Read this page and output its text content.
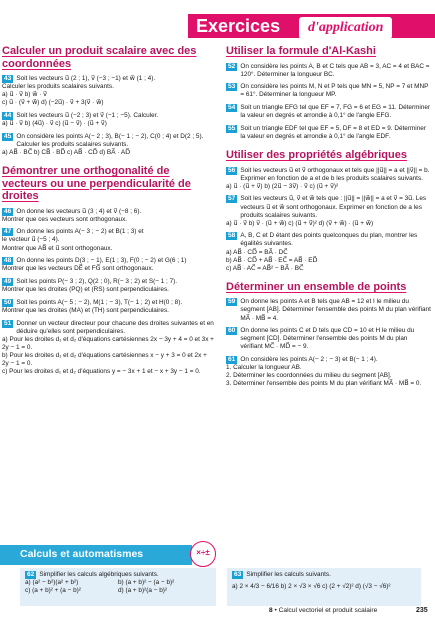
Exercices	d'application
Calculer un produit scalaire avec des coordonnées
43 Soit les vecteurs u⃗ (2 ; 1), v⃗ (−3 ; −1) et w⃗ (1 ; 4).
Calculer les produits scalaires suivants.
a) u⃗ · v⃗ b) w⃗ · v⃗
c) u⃗ · (v⃗ + w⃗) d) (−2u⃗) · v⃗ + 3(v⃗ · w⃗)
44 Soit les vecteurs u⃗ (−2 ; 3) et v⃗ (−1 ; −5). Calculer.
a) u⃗ · v⃗ b) (4u⃗) · v⃗ c) (u⃗ − v⃗) · (u⃗ + v⃗)
45 On considère les points A(− 2 ; 3), B(− 1 ; − 2), C(0 ; 4) et D(2 ; 5). Calculer les produits scalaires suivants.
a) AB⃗ · BC⃗ b) CB⃗ · BD⃗ c) AB⃗ · CD⃗ d) BA⃗ · AD⃗
Démontrer une orthogonalité de vecteurs ou une perpendicularité de droites
46 On donne les vecteurs u⃗ (3 ; 4) et v⃗ (−8 ; 6).
Montrer que ces vecteurs sont orthogonaux.
47 On donne les points A(− 3 ; − 2) et B(1 ; 3) et
le vecteur u⃗ (−5 ; 4).
Montrer que AB⃗ et u⃗ sont orthogonaux.
48 On donne les points D(3 ; − 1), E(1 ; 3), F(0 ; − 2) et G(6 ; 1)
Montrer que les vecteurs DE⃗ et FG⃗ sont orthogonaux.
49 Soit les points P(− 3 ; 2), Q(2 ; 0), R(− 3 ; 2) et S(− 1 ; 7).
Montrer que les droites (PQ) et (RS) sont perpendiculaires.
50 Soit les points A(− 5 ; − 2), M(1 ; − 3), T(− 1 ; 2) et H(0 ; 8).
Montrer que les droites (MA) et (TH) sont perpendiculaires.
51 Donner un vecteur directeur pour chacune des droites suivantes et en déduire qu'elles sont perpendiculaires.
a) Pour les droites d₁ et d₂ d'équations cartésiennes 2x − 3y + 4 = 0 et 3x + 2y − 1 = 0.
b) Pour les droites d₁ et d₂ d'équations cartésiennes x − y + 3 = 0 et 2x + 2y − 1 = 0.
c) Pour les droites d₁ et d₂ d'équations y = − 3x + 1 et − x + 3y − 1 = 0.
Utiliser la formule d'Al-Kashi
52 On considère les points A, B et C tels que AB = 3, AC = 4 et BAC = 120°. Déterminer la longueur BC.
53 On considère les points M, N et P tels que MN = 5, NP = 7 et MNP = 61°. Déterminer la longueur MP.
54 Soit un triangle EFG tel que EF = 7, FG = 6 et EG = 11. Déterminer la valeur en degrés et arrondie à 0,1° de l'angle EFG.
55 Soit un triangle EDF tel que EF = 5, DF = 8 et ED = 9. Déterminer la valeur en degrés et arrondie à 0,1° de l'angle EDF.
Utiliser des propriétés algébriques
56 Soit les vecteurs u⃗ et v⃗ orthogonaux et tels que ||u⃗|| = a et ||v⃗|| = b. Exprimer en fonction de a et de b les produits scalaires suivants.
a) u⃗ · (u⃗ + v⃗) b) (2u⃗ − 3v⃗) · v⃗ c) (u⃗ + v⃗)²
57 Soit les vecteurs u⃗, v⃗ et w⃗ tels que : ||u⃗|| = ||w⃗|| = a et v⃗ = 3u⃗. Les vecteurs u⃗ et w⃗ sont orthogonaux. Exprimer en fonction de a les produits scalaires suivants.
a) u⃗ · v⃗ b) v⃗ · (u⃗ + w⃗) c) (u⃗ + v⃗)² d) (v⃗ + w⃗) · (u⃗ + w⃗)
58 A, B, C et D étant des points quelconques du plan, montrer les égalités suivantes.
a) AB⃗ · CD⃗ = BA⃗ · DC⃗
b) AB⃗ · CD⃗ + AB⃗ · EC⃗ = AB⃗ · ED⃗
c) AB⃗ · AC⃗ = AB⃗² − BA⃗ · BC⃗
Déterminer un ensemble de points
59 On donne les points A et B tels que AB = 12 et I le milieu du segment [AB]. Déterminer l'ensemble des points M du plan vérifiant MA⃗ · MB⃗ = 4.
60 On donne les points C et D tels que CD = 10 et H le milieu du segment [CD]. Déterminer l'ensemble des points M du plan vérifiant MC⃗ · MD⃗ = − 9.
61 On considère les points A(− 2 ; − 3) et B(− 1 ; 4).
1. Calculer la longueur AB.
2. Déterminer les coordonnées du milieu du segment [AB].
3. Déterminer l'ensemble des points M du plan vérifiant MA⃗ · MB⃗ = 0.
Calculs et automatismes	×÷±
62 Simplifier les calculs algébriques suivants.
a) (a² − b²)(a² + b²)	b) (a + b)² − (a − b)²
c) (a + b)² + (a − b)²	d) (a + b)²(a − b)²
63 Simplifier les calculs suivants.
a) 2 × 4/3 − 6/16 b) 2 × √3 × √6 c) (2 + √2)² d) (√3 − √6)²
8 • Calcul vectoriel et produit scalaire	235
